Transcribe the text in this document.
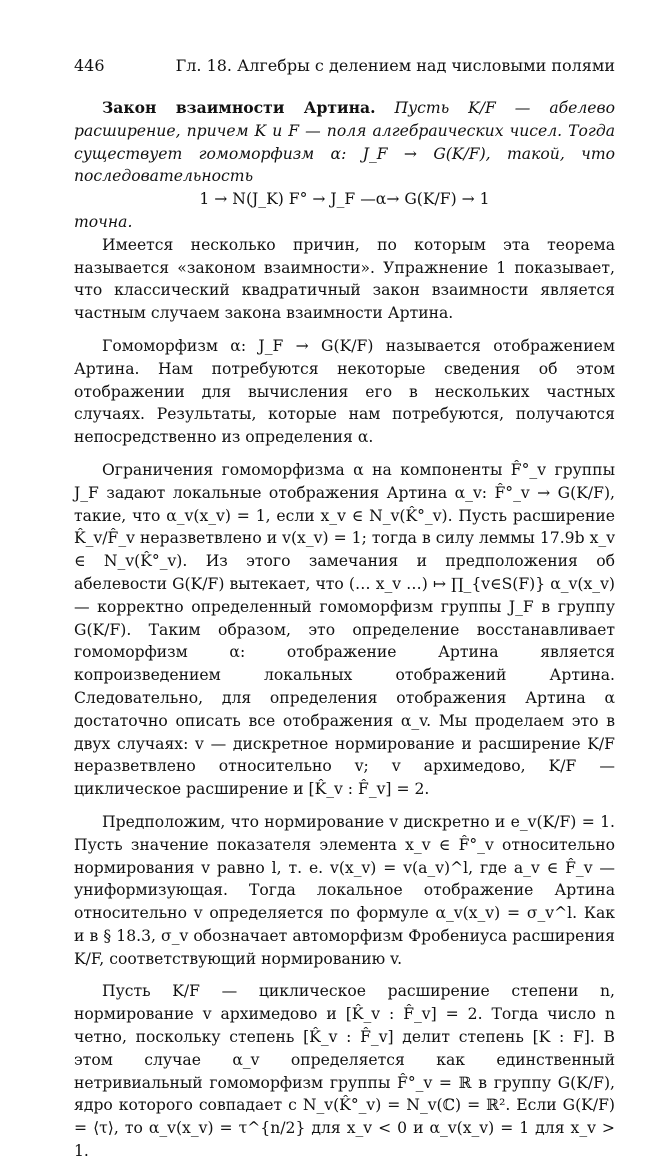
446	Гл. 18. Алгебры с делением над числовыми полями

Закон взаимности Артина. Пусть K/F — абелево расширение, причем K и F — поля алгебраических чисел. Тогда существует гомоморфизм α: J_F → G(K/F), такой, что последовательность

1 → N(J_K) F° → J_F —α→ G(K/F) → 1

точна.

Имеется несколько причин, по которым эта теорема называется «законом взаимности». Упражнение 1 показывает, что классический квадратичный закон взаимности является частным случаем закона взаимности Артина.

Гомоморфизм α: J_F → G(K/F) называется отображением Артина. Нам потребуются некоторые сведения об этом отображении для вычисления его в нескольких частных случаях. Результаты, которые нам потребуются, получаются непосредственно из определения α.

Ограничения гомоморфизма α на компоненты F̂°_v группы J_F задают локальные отображения Артина α_v: F̂°_v → G(K/F), такие, что α_v(x_v) = 1, если x_v ∈ N_v(K̂°_v). Пусть расширение K̂_v/F̂_v неразветвлено и v(x_v) = 1; тогда в силу леммы 17.9b x_v ∈ N_v(K̂°_v). Из этого замечания и предположения об абелевости G(K/F) вытекает, что (… x_v …) ↦ ∏_{v∈S(F)} α_v(x_v) — корректно определенный гомоморфизм группы J_F в группу G(K/F). Таким образом, это определение восстанавливает гомоморфизм α: отображение Артина является копроизведением локальных отображений Артина. Следовательно, для определения отображения Артина α достаточно описать все отображения α_v. Мы проделаем это в двух случаях: v — дискретное нормирование и расширение K/F неразветвлено относительно v; v архимедово, K/F — циклическое расширение и [K̂_v : F̂_v] = 2.

Предположим, что нормирование v дискретно и e_v(K/F) = 1. Пусть значение показателя элемента x_v ∈ F̂°_v относительно нормирования v равно l, т. е. v(x_v) = v(a_v)^l, где a_v ∈ F̂_v — униформизующая. Тогда локальное отображение Артина относительно v определяется по формуле α_v(x_v) = σ_v^l. Как и в § 18.3, σ_v обозначает автоморфизм Фробениуса расширения K/F, соответствующий нормированию v.

Пусть K/F — циклическое расширение степени n, нормирование v архимедово и [K̂_v : F̂_v] = 2. Тогда число n четно, поскольку степень [K̂_v : F̂_v] делит степень [K : F]. В этом случае α_v определяется как единственный нетривиальный гомоморфизм группы F̂°_v = ℝ в группу G(K/F), ядро которого совпадает с N_v(K̂°_v) = N_v(ℂ) = ℝ². Если G(K/F) = ⟨τ⟩, то α_v(x_v) = τ^{n/2} для x_v < 0 и α_v(x_v) = 1 для x_v > 1.
